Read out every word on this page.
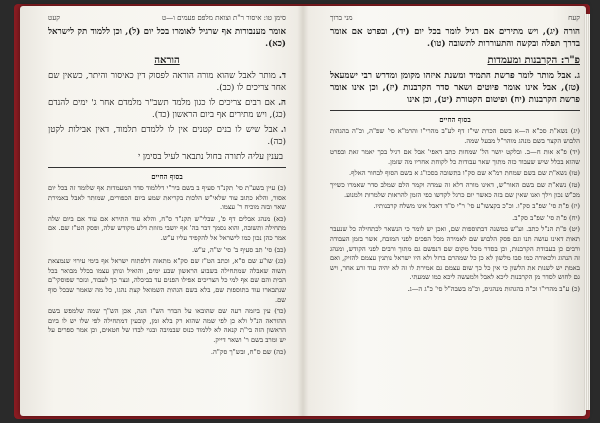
סימן טו: איסור ר"ת וצואת מלפם פעמים ו—ט
קעט

אומר מענבורות אף שרגיל לאומרו בכל יום (ל), וכן ללמוד תק לישראל (כא).

הוראה

ד.מותר לאבל שהוא מורה הוראה לפסוק דין כאיסור והיתר, כשאין שם אחר צריכים לו (כב).

ה.אם רבים צריכים לו כגון מלמד תשב"ר מלמדם אחר ג' ימים להנדם (כג), ויש מתירים אף ביום הראשון (כד).

ו.אבל שיש לו בנים קטנים אין לו ללמדם תלמוד, דאין אבילות לקטן (כה).

בענין עליה לתורה בחול נתבאר לעיל בסימן י

בסוף החיים

(כ) עיין בשע"ת סי' תקנ"ד סעיף ב בשם ביר"י דללמוד סדר המעמדות אף שלומד זה בכל יום אסור, והלא כתוב עוד שלאי"ש הלכות בקריאת שמע ביום הכפורים, שמותר לאבל באמירת שאר ובזה מוכיח ר' עצמו.

(כא) מנהג אבלים דף פ', שבלי"ש תקנ"ד ס"ח, והלא עוד התירא אם עוד אם ביום שלה מתחילה ותשובה, והוא נסמך דבר בה' אף יושבי מזוזת דלע מקודש שלה, ופסק הט"ז שם. אם אמר כהן נכון כמו לישראל אל להקפיד עליו ע"ש.

(כב) סי' תב סעיף ב' סי' ש"ה, ע"ש.

(כג) שו"ע שם ס"א, וכתב הט"ז שם סק"א מתאוה דלפתוח ישראל אף בימי עירוי שנמצאת תשוה שאבלה שמתחילה בשבוע הראשון שבע ימים, והואיל ונותן עצמו בכלל מבואר בכל הבית והם שם אף למי כל הצריכים אפילו הפנים עד בביכלה, ונצר כך לעבוד, ונזכר שפוסקי"ם שנתבארו עוד בתוספות שם, בלא בשם הגהות השמואל קצת נהגו, כל מה שאמר שבכל סוף שם.

(כד) עין ביזמה רעה שם שהובאו על הבדר הש"ז הנה, אכן הש"ך שמה שלמפש בשם ההוראה הנ"ל ולא כן לפי שמה שהוא רק בלא זמן, קובעין דמתחילה לפי שלו יש לו ביום הראשון הזה בי"ת קנאה לא ללמוד כנוס שבמיבה ובגוי לבדו של חטאים, וכן אמר ספרים על יש ומרב בשם ר' ושאר דייק.

(כה) שם ס"ח, ובש"ך סק"ה.

קעח
מני ברוך

הורה (יג), ויש מתירים אם רגיל לומר בכל יום (יד), ובפרט אם אומר בדרך תפלה ובקשה והתעוררות לתשובה (טו).

פ"ר: הקרבנות ומעמדות

ג.אבל מותר לומר פרשת התמיד ומשנת איזהו מקומן ומדרש רבי ישמעאל (טז), אבל אינו אומר פיוטים ושאר סדר הקרבנות (יז), וכן אינו אומר פרשת הקרבנות (יח) ופיטום הקטורת (יט), וכן אינו

בסוף החיים

(יג) נשא"ת סכ"א ה—א בשם הכרת שי"ז דף לע"ב מהרי"ו והרמ"א סי' שפ"ה, וכ"ה בהגהות הלבוש הקצר בשם מנהג מוהר"ל מבעל שמה.

(יד) פ"א אות ח—ב. ובלקט יושר הל' שמחות כתב דאפי' אבל אם רגיל בכך יאמר זאת ובפרט שהוא בכלל שיש שעבוד כזה מתוך שאר עבודות כל לקוחת אחריו מה שזמן.

(טו) נשא"ת שם בשם שמחת רמ"א שם סק"ו בתשובה בסכו"ג א בשם הסוף לבחור האלף.

(טז) נשא"ת שם בשם האור"ש, דאינו מורה דלא זה עמדה וקמר הלם שמלב סדר שאמרו כשייך מכ"ש נכון וילך ואנו שאין שם בזה כאשר יום כרגל לקדשו כפי הזמן להראות שלמרות ולמנוע.

(יז) פ"ת סי' שפ"ב סק"ו. וכ"כ בקצשו"ע סי' ר"י ס"ד דאבל אינו משלח קרבנותיו.

(יח) פ"ת סי' שפ"ב סק"ב.

(יט) פ"ת הנ"ל כתב. וע"ש במשנה דבתוספות שם, ואכן יש לומר כי הנשאר לכתחילה כל שנעבר תאות דאינו עושה תנו וגם פסק הלבוש שם לאמירה מכל הפכים לפני המזבח, אשר בזמן העבודה ורבים כן בעבודת הקרבנות, וכן בסדר מכל מקום שם דנפשם גם מתוך ורבים לפני הקודש, ומנהג זה הנהוג ולכאורה כמו סבו מלשון לא כן כל שמהרם ברזל ולא היו ישראל נותנין עצמם להזיק, ואם באמת יש לשנות את הלשון כי אין כל כך שום עצמם גם אמירת לו זה לא יהיה עוד זרע אחר, ויש גם לחוש לסדר מן הקרבנות ליכא לאבל ולמעשה ליכא כמו שמעתי.

(כ) ע"ב מהרי"ו וכ"ה בהגהות מנהגים, וכ"מ בשבה"ל סי' כ"ג ה—ג.
